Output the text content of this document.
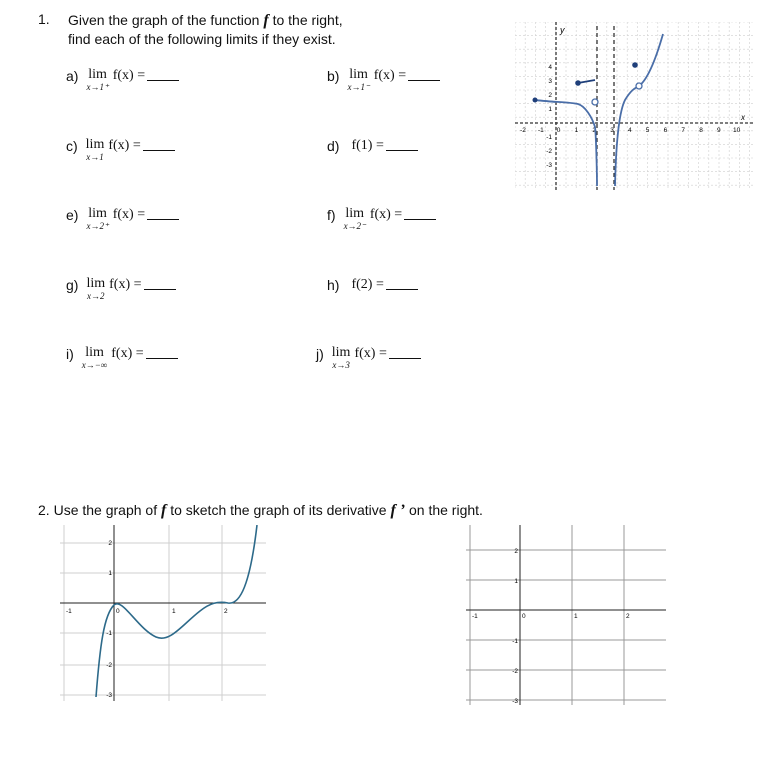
1. Given the graph of the function f to the right,
find each of the following limits if they exist.
a) lim
x→1⁺
f(x) =	b) lim
x→1⁻
f(x) =
c) lim
x→1
f(x) =	d) f(1) =
e) lim
x→2⁺
f(x) =	f) lim
x→2⁻
f(x) =
g) lim
x→2
f(x) =	h) f(2) =
i) lim
x→−∞
f(x) =	j) lim
x→3
f(x) =
-2 -1 0 1 2 3 4 5 6 7 8 9 10
4
3
2
1
-1
-2
-3
y
x
2. Use the graph of f to sketch the graph of its derivative f ’ on the right.
-1	0	1	2
2
1
-1
-2
-3
-1	0	1	2
2
1
-1
-2
-3
